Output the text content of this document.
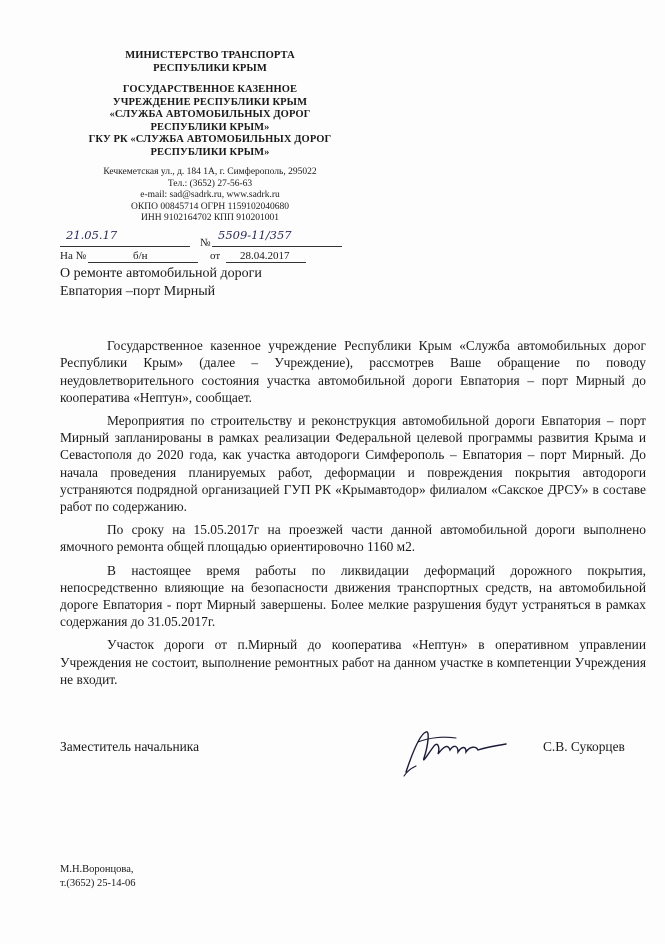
МИНИСТЕРСТВО ТРАНСПОРТА
РЕСПУБЛИКИ КРЫМ
ГОСУДАРСТВЕННОЕ КАЗЕННОЕ
УЧРЕЖДЕНИЕ РЕСПУБЛИКИ КРЫМ
«СЛУЖБА АВТОМОБИЛЬНЫХ ДОРОГ
РЕСПУБЛИКИ КРЫМ»
ГКУ РК «СЛУЖБА АВТОМОБИЛЬНЫХ ДОРОГ
РЕСПУБЛИКИ КРЫМ»
Кечкеметская ул., д. 184 1А, г. Симферополь, 295022
Тел.: (3652) 27-56-63
e-mail: sad@sadrk.ru, www.sadrk.ru
ОКПО 00845714 ОГРН 1159102040680
ИНН 9102164702 КПП 910201001
21.05.17
№
5509-11/357
На №	б/н	от 28.04.2017
О ремонте автомобильной дороги
Евпатория –порт Мирный

Государственное казенное учреждение Республики Крым «Служба автомобильных дорог Республики Крым» (далее – Учреждение), рассмотрев Ваше обращение по поводу неудовлетворительного состояния участка автомобильной дороги Евпатория – порт Мирный до кооператива «Нептун», сообщает.

Мероприятия по строительству и реконструкция автомобильной дороги Евпатория – порт Мирный запланированы в рамках реализации Федеральной целевой программы развития Крыма и Севастополя до 2020 года, как участка автодороги Симферополь – Евпатория – порт Мирный. До начала проведения планируемых работ, деформации и повреждения покрытия автодороги устраняются подрядной организацией ГУП РК «Крымавтодор» филиалом «Сакское ДРСУ» в составе работ по содержанию.

По сроку на 15.05.2017г на проезжей части данной автомобильной дороги выполнено ямочного ремонта общей площадью ориентировочно 1160 м2.

В настоящее время работы по ликвидации деформаций дорожного покрытия, непосредственно влияющие на безопасности движения транспортных средств, на автомобильной дороге Евпатория - порт Мирный завершены. Более мелкие разрушения будут устраняться в рамках содержания до 31.05.2017г.

Участок дороги от п.Мирный до кооператива «Нептун» в оперативном управлении Учреждения не состоит, выполнение ремонтных работ на данном участке в компетенции Учреждения не входит.

Заместитель начальника	С.В. Сукорцев
М.Н.Воронцова,
т.(3652) 25-14-06
